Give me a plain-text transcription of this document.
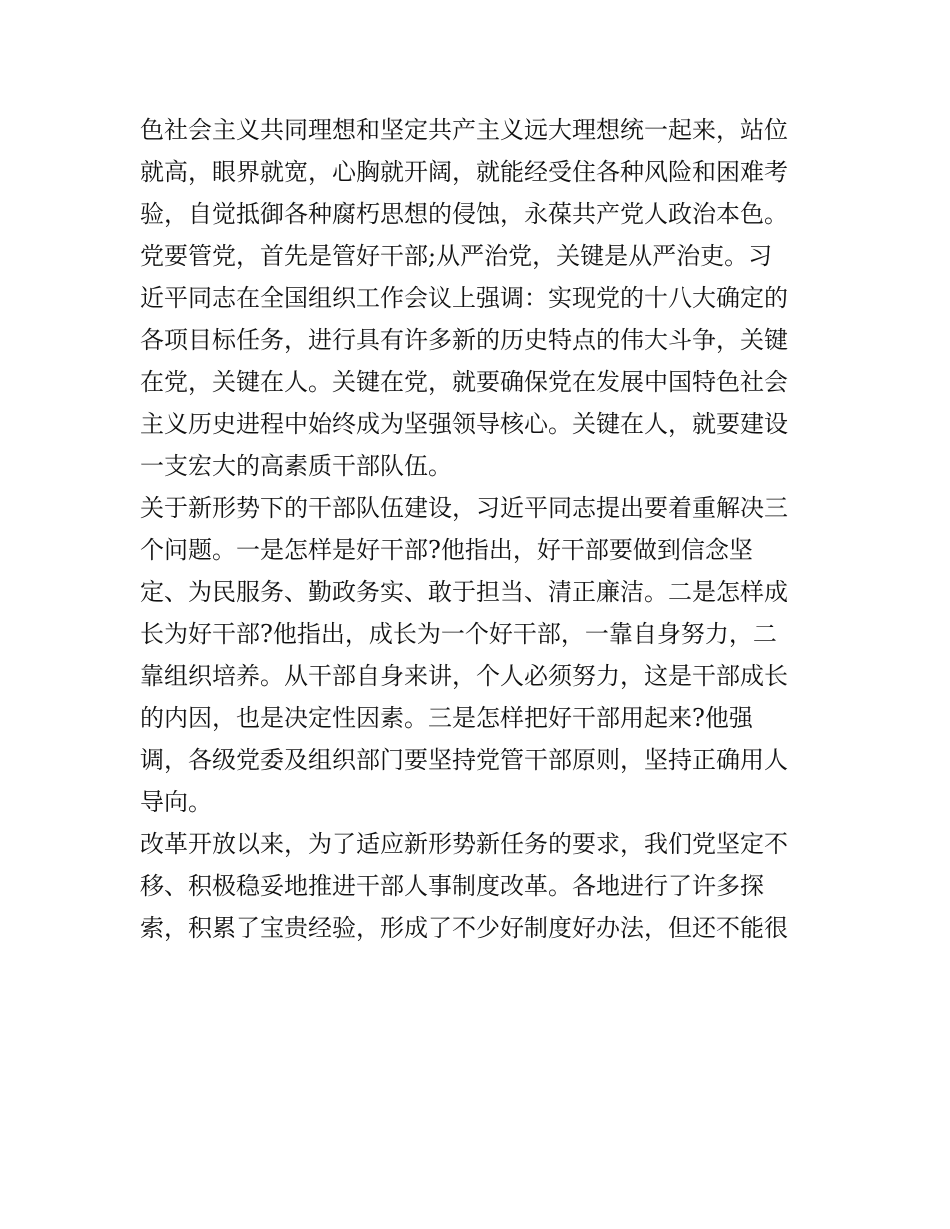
色社会主义共同理想和坚定共产主义远大理想统一起来，站位
就高，眼界就宽，心胸就开阔，就能经受住各种风险和困难考
验，自觉抵御各种腐朽思想的侵蚀，永葆共产党人政治本色。
党要管党，首先是管好干部;从严治党，关键是从严治吏。习
近平同志在全国组织工作会议上强调：实现党的十八大确定的
各项目标任务，进行具有许多新的历史特点的伟大斗争，关键
在党，关键在人。关键在党，就要确保党在发展中国特色社会
主义历史进程中始终成为坚强领导核心。关键在人，就要建设
一支宏大的高素质干部队伍。
关于新形势下的干部队伍建设，习近平同志提出要着重解决三
个问题。一是怎样是好干部?他指出，好干部要做到信念坚
定、为民服务、勤政务实、敢于担当、清正廉洁。二是怎样成
长为好干部?他指出，成长为一个好干部，一靠自身努力，二
靠组织培养。从干部自身来讲，个人必须努力，这是干部成长
的内因，也是决定性因素。三是怎样把好干部用起来?他强
调，各级党委及组织部门要坚持党管干部原则，坚持正确用人
导向。
改革开放以来，为了适应新形势新任务的要求，我们党坚定不
移、积极稳妥地推进干部人事制度改革。各地进行了许多探
索，积累了宝贵经验，形成了不少好制度好办法，但还不能很
